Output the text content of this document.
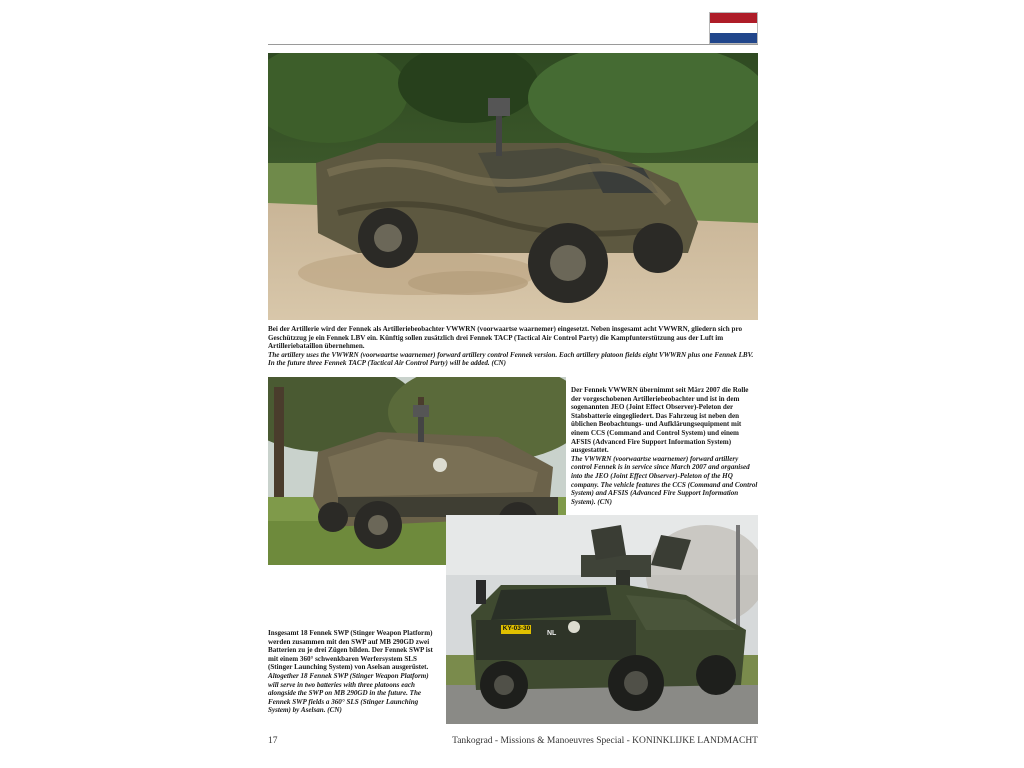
Bei der Artillerie wird der Fennek als Artilleriebeobachter VWWRN (voorwaartse waarnemer) eingesetzt. Neben insgesamt acht VWWRN, gliedern sich pro Geschützzug je ein Fennek LBV ein. Künftig sollen zusätzlich drei Fennek TACP (Tactical Air Control Party) die Kampfunterstützung aus der Luft im Artilleriebataillon übernehmen.

The artillery uses the VWWRN (voorwaartse waarnemer) forward artillery control Fennek version. Each artillery platoon fields eight VWWRN plus one Fennek LBV. In the future three Fennek TACP (Tactical Air Control Party) will be added. (CN)

Der Fennek VWWRN übernimmt seit März 2007 die Rolle der vorgeschobenen Artilleriebeobachter und ist in dem sogenannten JEO (Joint Effect Observer)-Peleton der Stabsbatterie eingegliedert. Das Fahrzeug ist neben den üblichen Beobachtungs- und Aufklärungsequipment mit einem CCS (Command and Control System) und einem AFSIS (Advanced Fire Support Information System) ausgestattet.

The VWWRN (voorwaartse waarnemer) forward artillery control Fennek is in service since March 2007 and organised into the JEO (Joint Effect Observer)-Peleton of the HQ company. The vehicle features the CCS (Command and Control System) and AFSIS (Advanced Fire Support Information System). (CN)

KY-03-30
NL

Insgesamt 18 Fennek SWP (Stinger Weapon Platform) werden zusammen mit den SWP auf MB 290GD zwei Batterien zu je drei Zügen bilden. Der Fennek SWP ist mit einem 360° schwenkbaren Werfersystem SLS (Stinger Launching System) von Aselsan ausgerüstet.

Altogether 18 Fennek SWP (Stinger Weapon Platform) will serve in two batteries with three platoons each alongside the SWP on MB 290GD in the future. The Fennek SWP fields a 360° SLS (Stinger Launching System) by Aselsan. (CN)

17	Tankograd - Missions & Manoeuvres Special - KONINKLIJKE LANDMACHT
